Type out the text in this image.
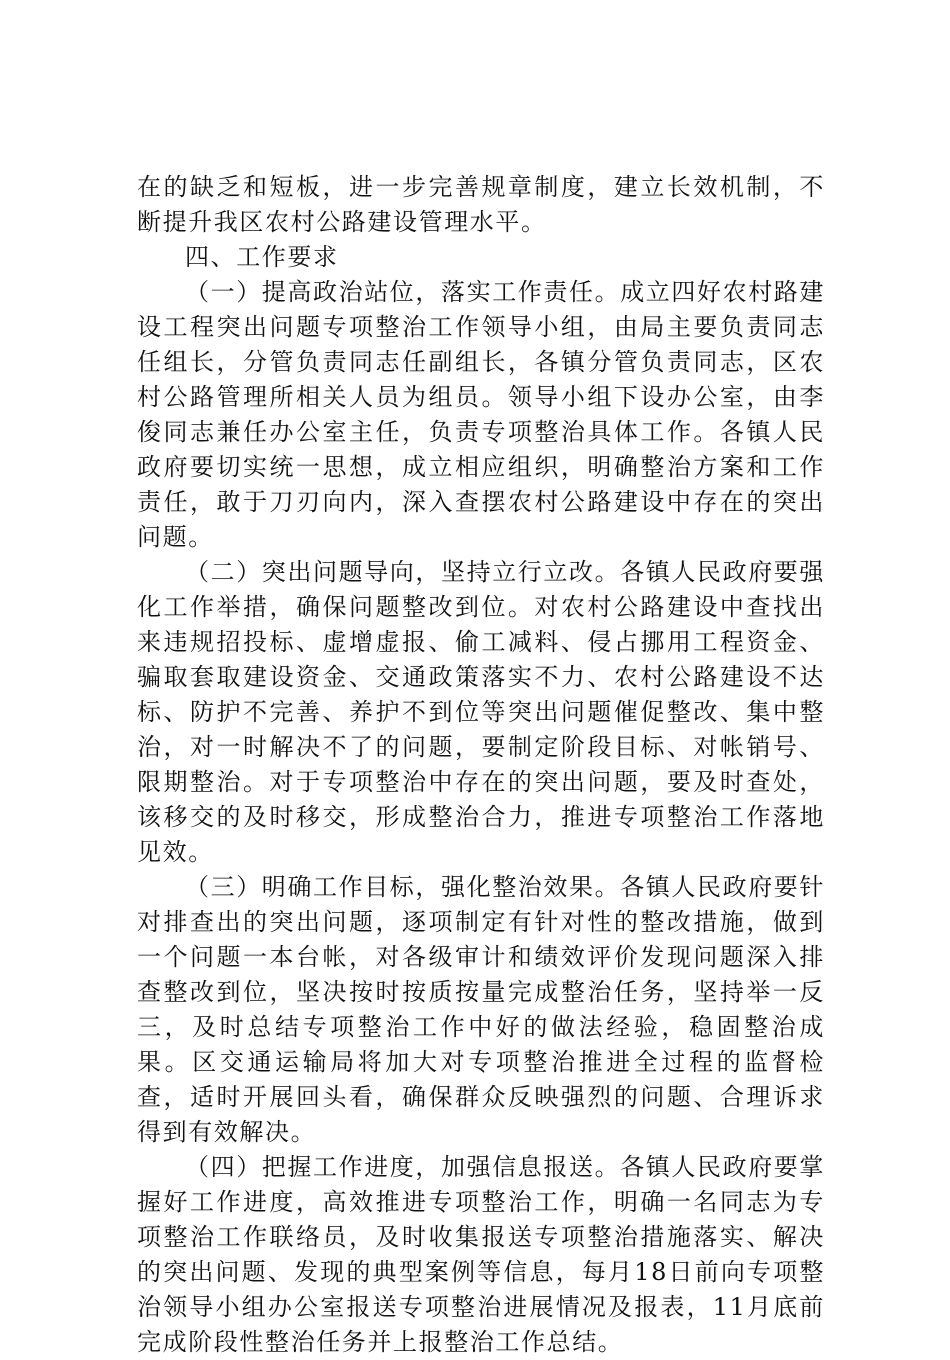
在的缺乏和短板，进一步完善规章制度，建立长效机制，不断提升我区农村公路建设管理水平。

四、工作要求

（一）提高政治站位，落实工作责任。成立四好农村路建设工程突出问题专项整治工作领导小组，由局主要负责同志任组长，分管负责同志任副组长，各镇分管负责同志，区农村公路管理所相关人员为组员。领导小组下设办公室，由李俊同志兼任办公室主任，负责专项整治具体工作。各镇人民政府要切实统一思想，成立相应组织，明确整治方案和工作责任，敢于刀刃向内，深入查摆农村公路建设中存在的突出问题。

（二）突出问题导向，坚持立行立改。各镇人民政府要强化工作举措，确保问题整改到位。对农村公路建设中查找出来违规招投标、虚增虚报、偷工减料、侵占挪用工程资金、骗取套取建设资金、交通政策落实不力、农村公路建设不达标、防护不完善、养护不到位等突出问题催促整改、集中整治，对一时解决不了的问题，要制定阶段目标、对帐销号、限期整治。对于专项整治中存在的突出问题，要及时查处，该移交的及时移交，形成整治合力，推进专项整治工作落地见效。

（三）明确工作目标，强化整治效果。各镇人民政府要针对排查出的突出问题，逐项制定有针对性的整改措施，做到一个问题一本台帐，对各级审计和绩效评价发现问题深入排查整改到位，坚决按时按质按量完成整治任务，坚持举一反三，及时总结专项整治工作中好的做法经验，稳固整治成果。区交通运输局将加大对专项整治推进全过程的监督检查，适时开展回头看，确保群众反映强烈的问题、合理诉求得到有效解决。

（四）把握工作进度，加强信息报送。各镇人民政府要掌握好工作进度，高效推进专项整治工作，明确一名同志为专项整治工作联络员，及时收集报送专项整治措施落实、解决的突出问题、发现的典型案例等信息，每月18日前向专项整治领导小组办公室报送专项整治进展情况及报表，11月底前完成阶段性整治任务并上报整治工作总结。
